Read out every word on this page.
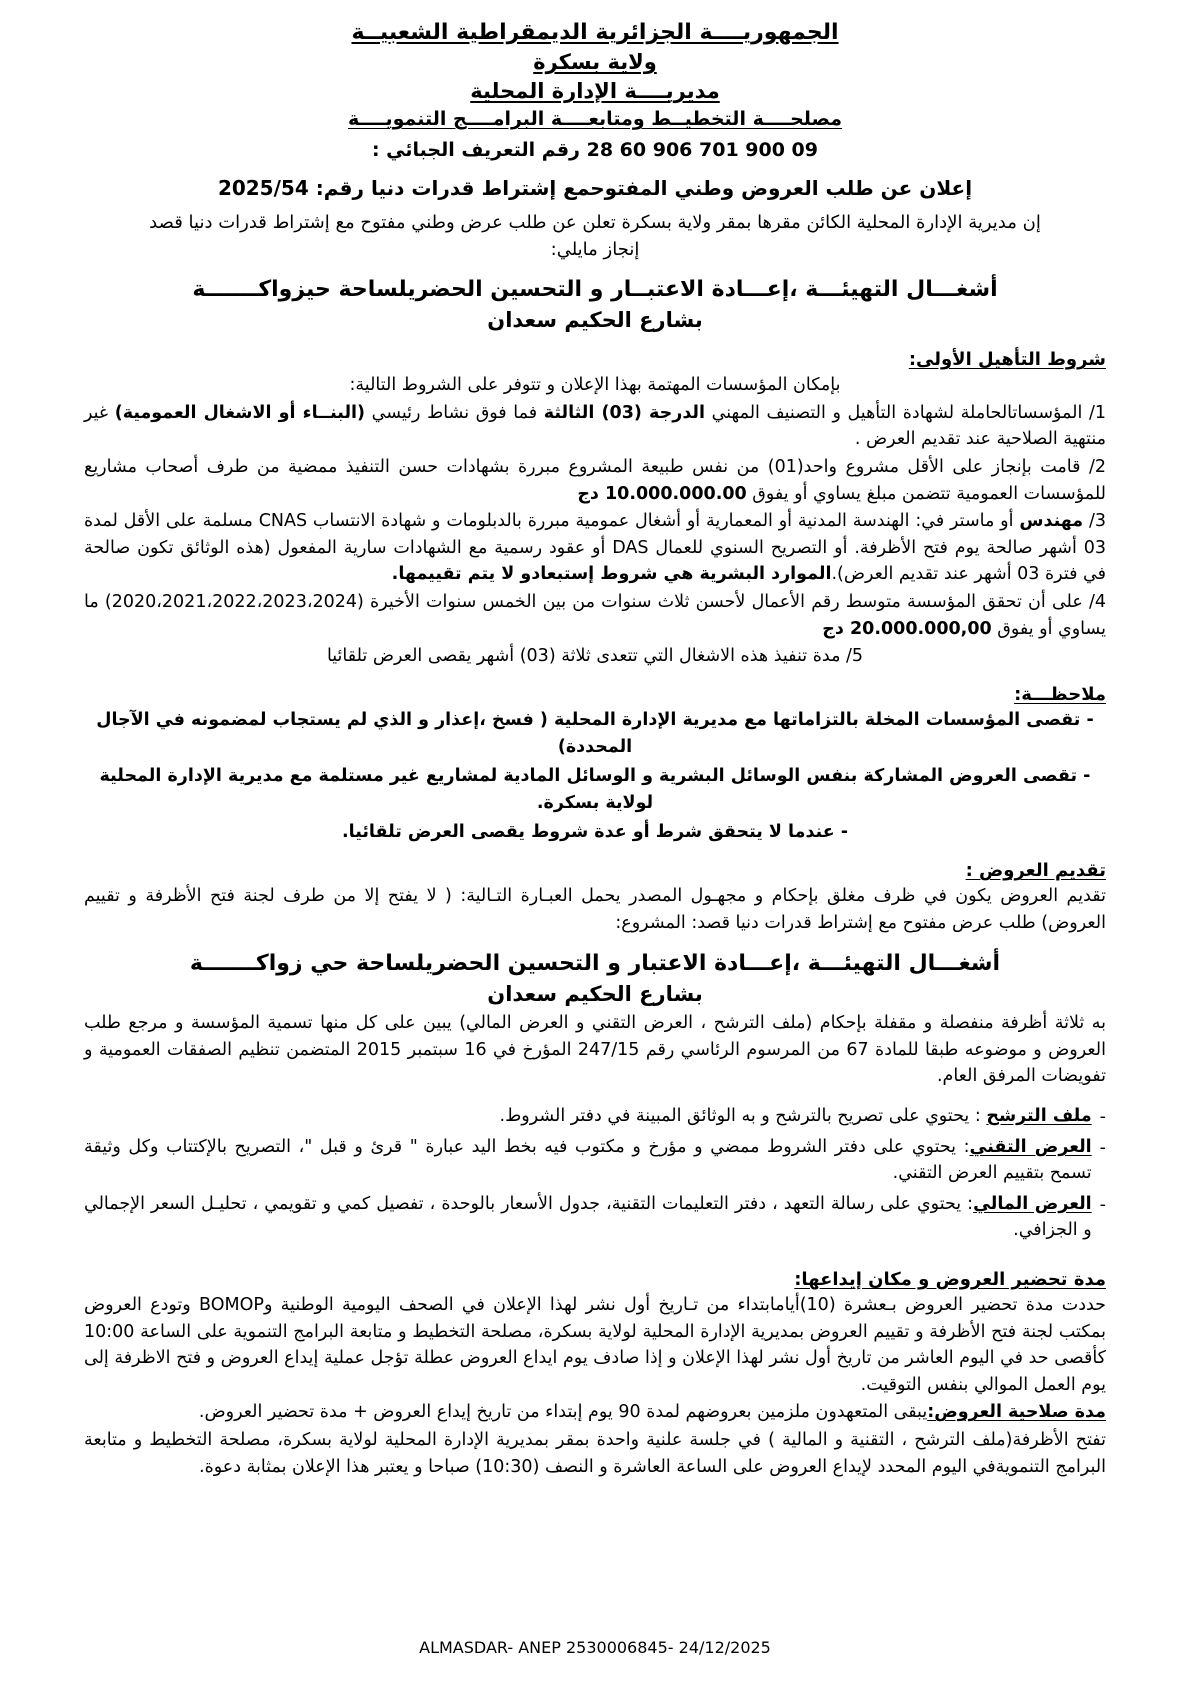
الجمهوريــــة الجزائرية الديمقراطية الشعبيــة
ولاية بسكرة
مديريــــة الإدارة المحلية
مصلحــــة التخطيــط ومتابعــــة البرامــــج التنمويــــة
28 60 906 701 900 09 رقم التعريف الجبائي :
إعلان عن طلب العروض وطني المفتوحمع إشتراط قدرات دنيا رقم: 2025/54
إن مديرية الإدارة المحلية الكائن مقرها بمقر ولاية بسكرة تعلن عن طلب عرض وطني مفتوح مع إشتراط قدرات دنيا قصد
إنجاز مايلي:
أشغـــال التهيئـــة ،إعـــادة الاعتبــار و التحسين الحضريلساحة حيزواكـــــــة
بشارع الحكيم سعدان
شروط التأهيل الأولى:
بإمكان المؤسسات المهتمة بهذا الإعلان و تتوفر على الشروط التالية:
1/ المؤسساتالحاملة لشهادة التأهيل و التصنيف المهني الدرجة (03) الثالثة فما فوق نشاط رئيسي (البنــاء أو الاشغال العمومية) غير منتهية الصلاحية عند تقديم العرض .
2/ قامت بإنجاز على الأقل مشروع واحد(01) من نفس طبيعة المشروع مبررة بشهادات حسن التنفيذ ممضية من طرف أصحاب مشاريع للمؤسسات العمومية تتضمن مبلغ يساوي أو يفوق 10.000.000.00 دج
3/ مهندس أو ماستر في: الهندسة المدنية أو المعمارية أو أشغال عمومية مبررة بالدبلومات و شهادة الانتساب CNAS مسلمة على الأقل لمدة 03 أشهر صالحة يوم فتح الأظرفة. أو التصريح السنوي للعمال DAS أو عقود رسمية مع الشهادات سارية المفعول (هذه الوثائق تكون صالحة في فترة 03 أشهر عند تقديم العرض).الموارد البشرية هي شروط إستبعادو لا يتم تقييمها.
4/ على أن تحقق المؤسسة متوسط رقم الأعمال لأحسن ثلاث سنوات من بين الخمس سنوات الأخيرة (2020،2021،2022،2023،2024) ما يساوي أو يفوق 20.000.000,00 دج
5/ مدة تنفيذ هذه الاشغال التي تتعدى ثلاثة (03) أشهر يقصى العرض تلقائيا
ملاحظـــة:
- تقصى المؤسسات المخلة بالتزاماتها مع مديرية الإدارة المحلية ( فسخ ،إعذار و الذي لم يستجاب لمضمونه في الآجال المحددة)
- تقصى العروض المشاركة بنفس الوسائل البشرية و الوسائل المادية لمشاريع غير مستلمة مع مديرية الإدارة المحلية لولاية بسكرة.
- عندما لا يتحقق شرط أو عدة شروط يقصى العرض تلقائيا.
تقديم العروض :
تقديم العروض يكون في ظرف مغلق بإحكام و مجهـول المصدر يحمل العبـارة التـالية: ( لا يفتح إلا من طرف لجنة فتح الأظرفة و تقييم العروض) طلب عرض مفتوح مع إشتراط قدرات دنيا قصد: المشروع:
أشغـــال التهيئـــة ،إعـــادة الاعتبار و التحسين الحضريلساحة حي زواكـــــــة
بشارع الحكيم سعدان
به ثلاثة أظرفة منفصلة و مقفلة بإحكام (ملف الترشح ، العرض التقني و العرض المالي) يبين على كل منها تسمية المؤسسة و مرجع طلب العروض و موضوعه طبقا للمادة 67 من المرسوم الرئاسي رقم 247/15 المؤرخ في 16 سبتمبر 2015 المتضمن تنظيم الصفقات العمومية و تفويضات المرفق العام.
-
ملف الترشح : يحتوي على تصريح بالترشح و به الوثائق المبينة في دفتر الشروط.
-
العرض التقني: يحتوي على دفتر الشروط ممضي و مؤرخ و مكتوب فيه بخط اليد عبارة " قرئ و قبل "، التصريح بالإكتتاب وكل وثيقة تسمح بتقييم العرض التقني.
-
العرض المالي: يحتوي على رسالة التعهد ، دفتر التعليمات التقنية، جدول الأسعار بالوحدة ، تفصيل كمي و تقويمي ، تحليـل السعر الإجمالي و الجزافي.
مدة تحضير العروض و مكان إيداعها:
حددت مدة تحضير العروض بـعشرة (10)أيامابتداء من تـاريخ أول نشر لهذا الإعلان في الصحف اليومية الوطنية وBOMOP وتودع العروض بمكتب لجنة فتح الأظرفة و تقييم العروض بمديرية الإدارة المحلية لولاية بسكرة، مصلحة التخطيط و متابعة البرامج التنموية على الساعة 10:00 كأقصى حد في اليوم العاشر من تاريخ أول نشر لهذا الإعلان و إذا صادف يوم ايداع العروض عطلة تؤجل عملية إيداع العروض و فتح الاظرفة إلى يوم العمل الموالي بنفس التوقيت.
مدة صلاحية العروض:يبقى المتعهدون ملزمين بعروضهم لمدة 90 يوم إبتداء من تاريخ إيداع العروض + مدة تحضير العروض.
تفتح الأظرفة(ملف الترشح ، التقنية و المالية ) في جلسة علنية واحدة بمقر بمديرية الإدارة المحلية لولاية بسكرة، مصلحة التخطيط و متابعة البرامج التنمويةفي اليوم المحدد لإيداع العروض على الساعة العاشرة و النصف (10:30) صباحا و يعتبر هذا الإعلان بمثابة دعوة.
ALMASDAR- ANEP 2530006845- 24/12/2025
